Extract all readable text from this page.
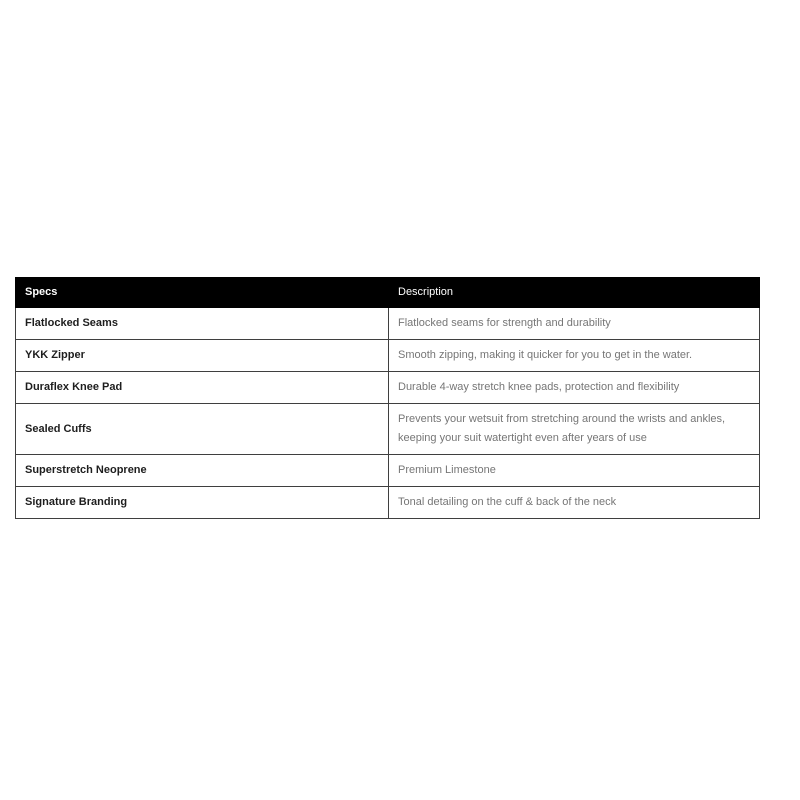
Specs	Description
Flatlocked Seams	Flatlocked seams for strength and durability
YKK Zipper	Smooth zipping, making it quicker for you to get in the water.
Duraflex Knee Pad	Durable 4-way stretch knee pads, protection and flexibility
Sealed Cuffs	Prevents your wetsuit from stretching around the wrists and ankles, keeping your suit watertight even after years of use
Superstretch Neoprene	Premium Limestone
Signature Branding	Tonal detailing on the cuff & back of the neck
